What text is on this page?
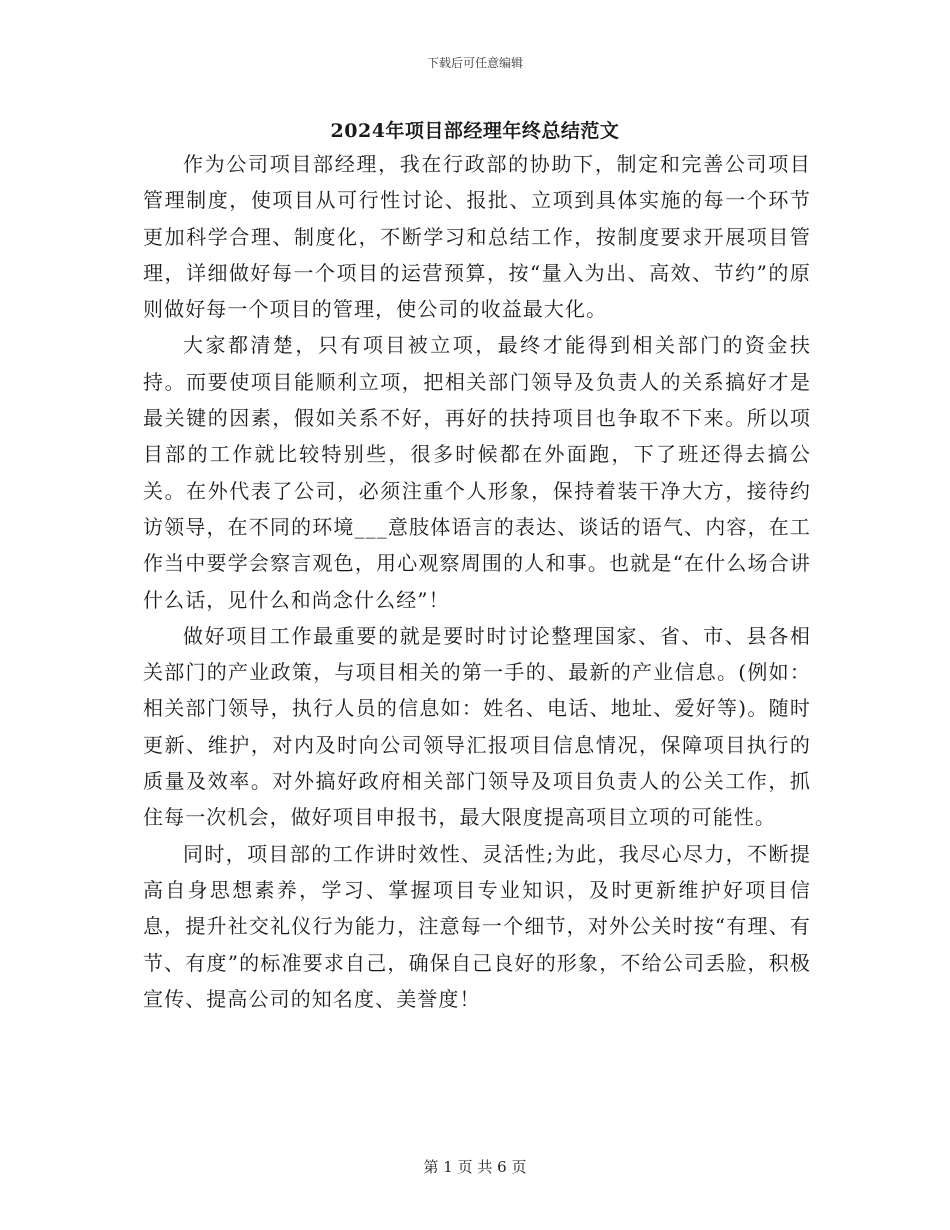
下载后可任意编辑
2024年项目部经理年终总结范文

作为公司项目部经理，我在行政部的协助下，制定和完善公司项目管理制度，使项目从可行性讨论、报批、立项到具体实施的每一个环节更加科学合理、制度化，不断学习和总结工作，按制度要求开展项目管理，详细做好每一个项目的运营预算，按“量入为出、高效、节约”的原则做好每一个项目的管理，使公司的收益最大化。

大家都清楚，只有项目被立项，最终才能得到相关部门的资金扶持。而要使项目能顺利立项，把相关部门领导及负责人的关系搞好才是最关键的因素，假如关系不好，再好的扶持项目也争取不下来。所以项目部的工作就比较特别些，很多时候都在外面跑，下了班还得去搞公关。在外代表了公司，必须注重个人形象，保持着装干净大方，接待约访领导，在不同的环境___意肢体语言的表达、谈话的语气、内容，在工作当中要学会察言观色，用心观察周围的人和事。也就是“在什么场合讲什么话，见什么和尚念什么经”！

做好项目工作最重要的就是要时时讨论整理国家、省、市、县各相关部门的产业政策，与项目相关的第一手的、最新的产业信息。(例如：相关部门领导，执行人员的信息如：姓名、电话、地址、爱好等)。随时更新、维护，对内及时向公司领导汇报项目信息情况，保障项目执行的质量及效率。对外搞好政府相关部门领导及项目负责人的公关工作，抓住每一次机会，做好项目申报书，最大限度提高项目立项的可能性。

同时，项目部的工作讲时效性、灵活性;为此，我尽心尽力，不断提高自身思想素养，学习、掌握项目专业知识，及时更新维护好项目信息，提升社交礼仪行为能力，注意每一个细节，对外公关时按“有理、有节、有度”的标准要求自己，确保自己良好的形象，不给公司丢脸，积极宣传、提高公司的知名度、美誉度！

第 1 页 共 6 页
